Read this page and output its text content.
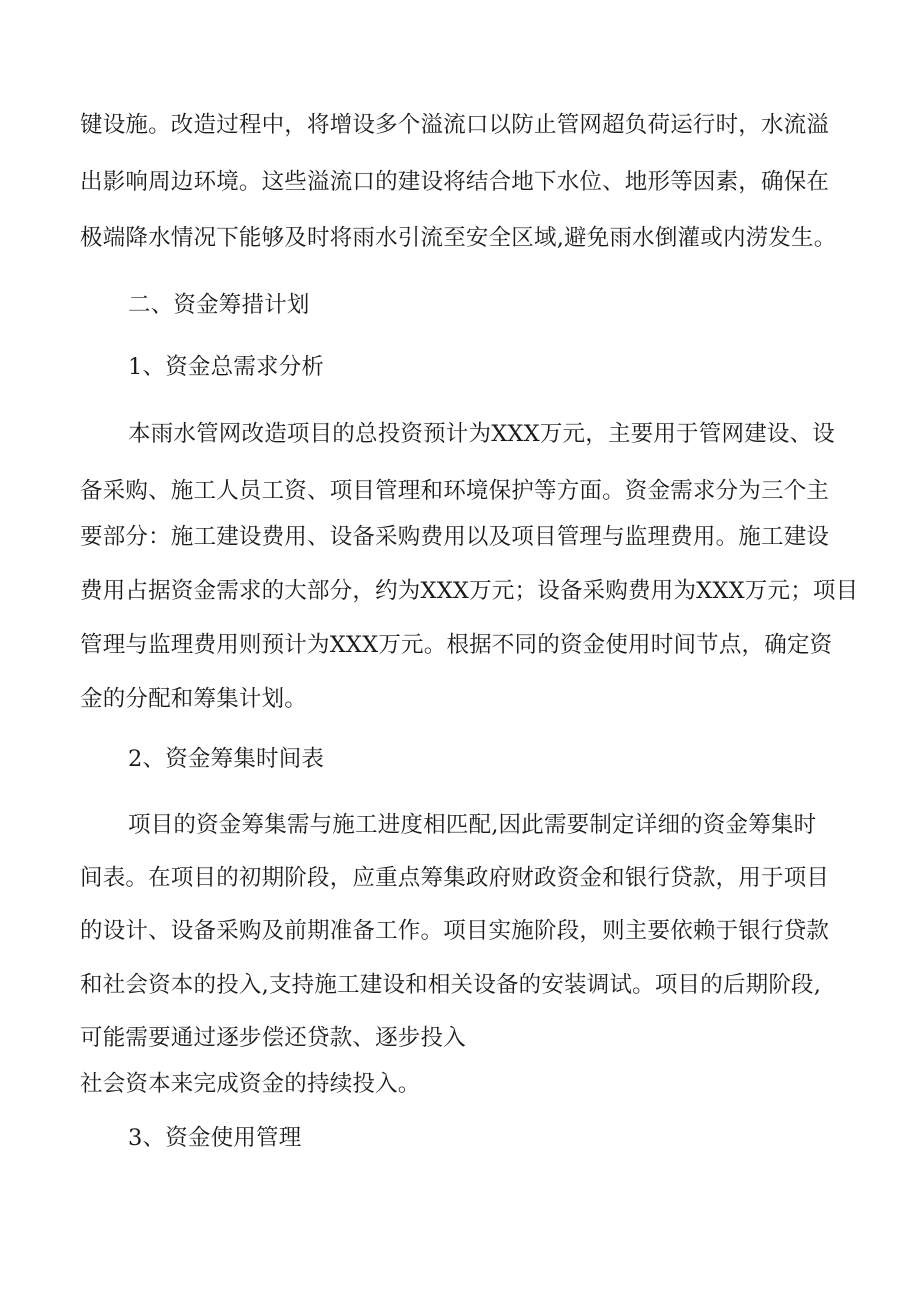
键设施。改造过程中，将增设多个溢流口以防止管网超负荷运行时，水流溢
出影响周边环境。这些溢流口的建设将结合地下水位、地形等因素，确保在
极端降水情况下能够及时将雨水引流至安全区域,避免雨水倒灌或内涝发生。
二、资金筹措计划
1、资金总需求分析
本雨水管网改造项目的总投资预计为XXX万元，主要用于管网建设、设
备采购、施工人员工资、项目管理和环境保护等方面。资金需求分为三个主
要部分：施工建设费用、设备采购费用以及项目管理与监理费用。施工建设
费用占据资金需求的大部分，约为XXX万元；设备采购费用为XXX万元；项目
管理与监理费用则预计为XXX万元。根据不同的资金使用时间节点，确定资
金的分配和筹集计划。
2、资金筹集时间表
项目的资金筹集需与施工进度相匹配,因此需要制定详细的资金筹集时
间表。在项目的初期阶段，应重点筹集政府财政资金和银行贷款，用于项目
的设计、设备采购及前期准备工作。项目实施阶段，则主要依赖于银行贷款
和社会资本的投入,支持施工建设和相关设备的安装调试。项目的后期阶段,
可能需要通过逐步偿还贷款、逐步投入
社会资本来完成资金的持续投入。
3、资金使用管理
